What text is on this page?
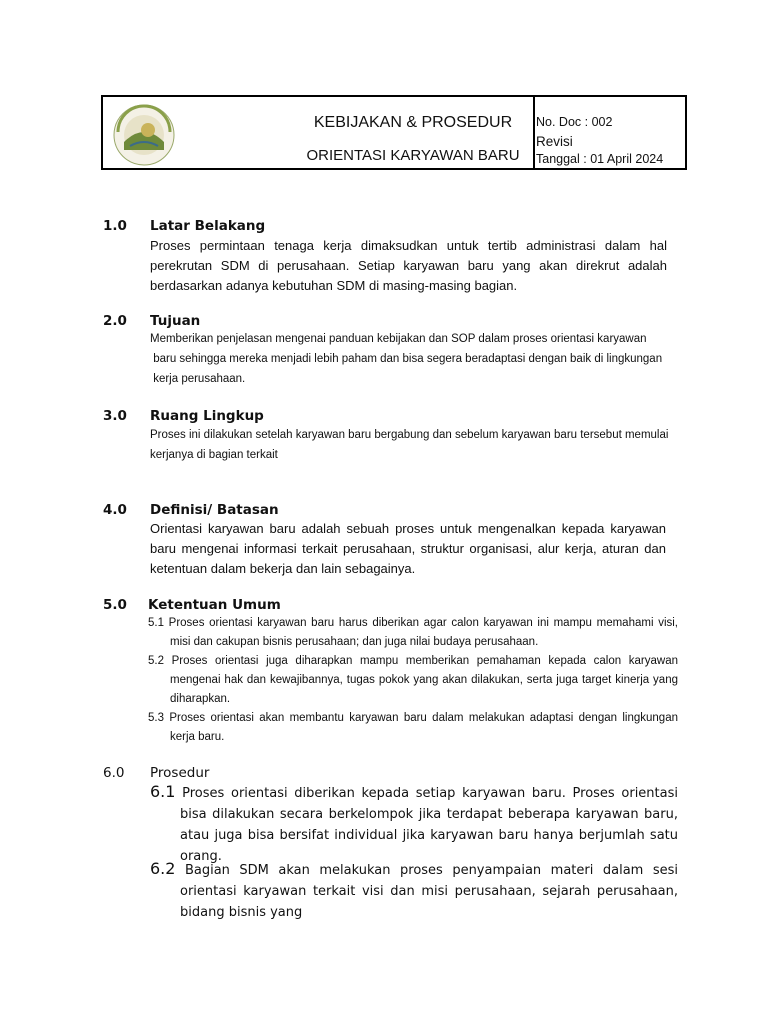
KEBIJAKAN & PROSEDUR
ORIENTASI KARYAWAN BARU
No. Doc : 002
Revisi
Tanggal : 01 April 2024
1.0 Latar Belakang
Proses permintaan tenaga kerja dimaksudkan untuk tertib administrasi dalam hal perekrutan SDM di perusahaan. Setiap karyawan baru yang akan direkrut adalah berdasarkan adanya kebutuhan SDM di masing-masing bagian.
2.0 Tujuan
Memberikan penjelasan mengenai panduan kebijakan dan SOP dalam proses orientasi karyawan
baru sehingga mereka menjadi lebih paham dan bisa segera beradaptasi dengan baik di lingkungan
kerja perusahaan.
3.0 Ruang Lingkup
Proses ini dilakukan setelah karyawan baru bergabung dan sebelum karyawan baru tersebut memulai
kerjanya di bagian terkait
4.0 Definisi/ Batasan
Orientasi karyawan baru adalah sebuah proses untuk mengenalkan kepada karyawan baru mengenai informasi terkait perusahaan, struktur organisasi, alur kerja, aturan dan ketentuan dalam bekerja dan lain sebagainya.
5.0 Ketentuan Umum
5.1 Proses orientasi karyawan baru harus diberikan agar calon karyawan ini mampu memahami visi, misi dan cakupan bisnis perusahaan; dan juga nilai budaya perusahaan.
5.2 Proses orientasi juga diharapkan mampu memberikan pemahaman kepada calon karyawan mengenai hak dan kewajibannya, tugas pokok yang akan dilakukan, serta juga target kinerja yang diharapkan.
5.3 Proses orientasi akan membantu karyawan baru dalam melakukan adaptasi dengan lingkungan kerja baru.
6.0 Prosedur
6.1 Proses orientasi diberikan kepada setiap karyawan baru. Proses orientasi bisa dilakukan secara berkelompok jika terdapat beberapa karyawan baru, atau juga bisa bersifat individual jika karyawan baru hanya berjumlah satu orang.
6.2 Bagian SDM akan melakukan proses penyampaian materi dalam sesi orientasi karyawan terkait visi dan misi perusahaan, sejarah perusahaan, bidang bisnis yang
